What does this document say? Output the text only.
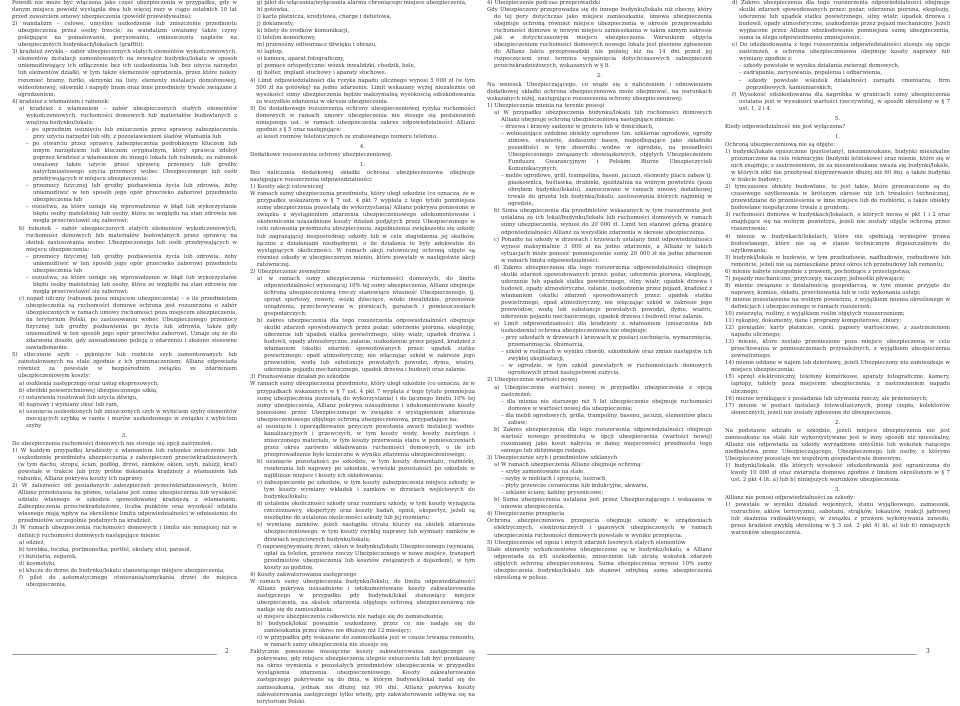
Powodi nie może być włączona jako część ubezpieczenia w przypadku, gdy w danym miejscu powódź wystąpiła dwa lub więcej razy w ciągu ostatnich 10 lat przed zawarciem umowy ubezpieczenia (powódź przewidywalna);

2) wandalizm – celowe, umyślne uszkodzenie lub zniszczenie przedmiotu ubezpieczenia przez osoby trzecie; za wandalizm uważamy także czyny polegające na pomalowaniu, porysowaniu, umieszczeniu napisów na ubezpieczonych budynkach/lokalach (graffiti);

3) kradzież zwykła – zabór ubezpieczonych stałych elementów wykończeniowych, elementów instalacji zamontowanych na zewnątrz budynku/lokalu w sposób uniemożliwiający ich odłączenie bez ich uszkodzenia lub bez użycia narzędzi lub elementów działki, w tym także elementów ogrodzenia, przez które należy rozumieć bramy, furtki, skrzynki na listy, elementy instalacji domofonowej, wideofonowej, siłowniki i napędy bram oraz inne przedmioty trwale związane z ogrodzeniem;

4) kradzież z włamaniem i rabunek:

a) kradzież z włamaniem – zabór ubezpieczonych stałych elementów wykończeniowych, ruchomości domowych lub materiałów budowlanych z wnętrza budynku/lokalu:

– po uprzednim usunięciu lub zniszczeniu przez sprawcę zabezpieczenia przy użyciu narzędzi lub siły, z pozostawieniem śladów włamania lub

– po otwarciu przez sprawcę zabezpieczenia podrobionym kluczem lub innym narzędziem lub kluczem oryginalnym, który sprawca zdobył poprzez kradzież z włamaniem do innego lokalu lub rabunek; za rabunek uważamy także użycie przez sprawcę przemocy lub groźby natychmiastowego użycia przemocy wobec Ubezpieczonego lub osób przebywających w miejscu ubezpieczenia:

– przemocy fizycznej lub groźby pozbawienia życia lub zdrowia, żeby uniemożliwić w ten sposób jego opór przeciwko zaborowi przedmiotu ubezpieczenia lub

– oszustwa, za które uznaje się wprowadzenie w błąd lub wykorzystanie błędu osoby małoletniej lub osoby, która ze względu na stan zdrowia nie mogła przeciwstawić się zaborowi;

b) rabunek – zabór ubezpieczonych stałych elementów wykończeniowych, ruchomości domowych lub materiałów budowlanych przez sprawcę na skutek zastosowania wobec Ubezpieczonego lub osób przebywających w miejscu ubezpieczenia:

– przemocy fizycznej lub groźby pozbawienia życia lub zdrowia, żeby uniemożliwić w ten sposób jego opór przeciwko zaborowi przedmiotu ubezpieczenia lub

– oszustwa, za które uznaje się wprowadzenie w błąd lub wykorzystanie błędu osoby małoletniej lub osoby, która ze względu na stan zdrowia nie mogła przeciwstawić się zaborowi;

c) napad uliczny (rabunek poza miejscem ubezpieczenia) – o ile przedmiotem ubezpieczenia są ruchomości domowe ochrona jest rozszerzona o zabór ubezpieczonych w ramach umowy ruchomości poza miejscem ubezpieczenia, na terytorium Polski, po zastosowaniu wobec Ubezpieczonego przemocy fizycznej lub groźby pozbawienia go życia lub zdrowia, także gdy uniemożliwił w ten sposób jego opór przeciwko zaborowi. Uznaje się że do zdarzenia doszło, gdy zawiadomiono policję o zdarzeniu i złożono stosowne zawiadomienie.

5) stłuczenie szyb – pęknięcie lub rozbicie szyb zamontowanych lub zainstalowanych na stałe zgodnie z ich przeznaczeniem; Allianz odpowiada również za powstałe w bezpośrednim związku ze zdarzeniem ubezpieczeniowym koszty:

a) oszklenia zastępczego oraz usług ekspresowych,

b) obróbki powierzchniowej ubezpieczonego szkła,

c) ustawienia rusztowań lub użycia dźwigu,

d) naprawy i wymiany okuć lub ram,

e) usunięcia uszkodzonych lub zniszczonych szyb w wybiciem szyby elementów mocujących szybkę w ramie i murów uszkodzonego w związku z wybiciem szyby.

3.

Do ubezpieczenia ruchomości domowych nie stosuje się opcji zastrzeżeń.

1) W każdym przypadku kradzieży z włamaniem lub rabunku zniszczenie lub uszkodzenie przedmiotu ubezpieczenia z zabezpieczeń przeciwkradzieżowych (w tym dachu, stropu, ścian, podłóg, drzwi, zamków, okien, szyb, żaluzji, krat) powstałe w trakcie lub przy próbie dokonania kradzieży z włamaniem lub rabunku, Allianz pokrywa koszty ich naprawy.

2) W zależności od posiadanych zabezpieczeń przeciwkradzieżowych, które Allianz przedstawia na piśmie, ustalana jest suma ubezpieczenia lub wysokość udziału własnego w szkodzie spowodowanej kradzieżą z włamaniem. Zabezpieczenia przeciwkradzieżowe, liczba punktów oraz wysokość udziału własnego mają wpływ na określenie limitu odpowiedzialności w odniesieniu do przedmiotów szczególnie podatnych na kradzież.

3) W ramach ubezpieczenia ruchomości domowych i limitu nie mniejszej niż w definicji ruchomości domowych następujące mienie:

a) odzież,

b) torebka, teczka, portmonetka, portfel, okulary, etui, parasol,

c) biżuteria, zegarek,

d) kosmetyki,

e) klucze do drzwi do budynku/lokalu stanowiącego miejsce ubezpieczenia,

f) pilot do automatycznego otwierania/zamykania drzwi do miejsca ubezpieczenia,

g) pilot do włączania/wyłączania alarmu chroniącego miejsce ubezpieczenia,

h) gotówka,

i) karta płatnicza, kredytowa, charge i debetowa,

j) dokumenty,

k) bilety do środków komunikacji,

l) telefon komórkowy,

m) przenośny odtwarzacz dźwięku i obrazu,

n) laptop,

o) kamera, aparat fotograficzny,

p) pomoce ortopedyczne: wózek inwalidzki, chodzik, kule,

q) holter, implant słuchowy i aparaty słuchowe.

4) Limit odpowiedzialności dla ryzyka napadu ulicznego wynosi 5 000 zł (w tym 500 zł na gotówkę) na jedno zdarzenie. Limit wskazany wyżej niezależnie od wysokości sumy ubezpieczenia będzie maksymalną wysokością odszkodowania za wszystkie zdarzenia w okresie ubezpieczenia.

5) Do dodatkowego rozszerzenia ochrony ubezpieczeniowej ryzyka ruchomości domowych w ramach umowy ubezpieczenia nie stosuje się postanowień niniejszego ust. w ramach ubezpieczenia zakres odpowiedzialności Allianz zgodnie z § 5 oraz następujące:

a) koszt rozmów telefonicznych ze zrabowanego numeru telefonu.

4.

Dodatkowe rozszerzenia ochrony ubezpieczeniowej.

1.

Bez naliczania dodatkowej składki ochrona ubezpieczeniowa obejmuje następujące rozszerzenia odpowiedzialności:

1) Koszty akcji ratowniczej

W ramach sumy ubezpieczenia przedmiotu, który uległ szkodzie (co oznacza, że w przypadku wskazanym w § 7 ust. 4 pkt 7 wypłata z tego tytułu pomniejsza sumę ubezpieczenia pozostałą do wykorzystania) Allianz pokrywa poniesione w związku z wystąpieniem zdarzenia ubezpieczeniowego udokumentowane i ekonomicznie uzasadnione koszty działań podjętych przez Ubezpieczonego w celu ratowania przedmiotu ubezpieczenia, zapobieżenia zwiększeniu się szkody lub zagrażającej bezpośredniej szkody lub w celu złagodzenia jej skutków, łącznie z działaniami niezbędnymi, o ile działania te były adekwatne do wystąpiących okoliczności. W ramach akcji ratowniczej ochroną objęte są również szkody w ubezpieczonym mieniu, które powstały w następstwie akcji ratowniczej.

2) Ubezpieczenie zewnętrzne

a) w ramach sumy ubezpieczenia ruchomości domowych, do limitu odpowiedzialności wynoszącej 10% tej sumy ubezpieczenia, Allianz obejmuje ochroną ubezpieczeniową rzeczy stanowiące własność Ubezpieczonego, tj. sprzęt sportowy, rowery, wózki dziecięce, wózki inwalidzkie, przenośnie urządzenia, przechowywane w piwnicach, garażach i pomieszczeniach gospodarczych;

b) zakres ubezpieczenia dla tego rozszerzenia odpowiedzialności obejmuje skutki zdarzeń spowodowanych przez pożar, uderzenie pioruna, eksplozję, uderzenie lub upadek statku powietrznego, silny wiatr, upadek drzewa i budowli, opady atmosferyczne, zalanie, uszkodzenie przez pojazd, kradzież z włamaniem (skutki zdarzeń spowodowanych przez: upadek statku powietrznego, opad atmosferyczny, nie włączając szkód w zakresie jego przewodów, wodę lub substancje powstałych powodzi, dymu, wiatru, uderzenie pojazdu mechanicznego, upadek drzewa i budowli oraz zalanie.

3) Finansowanie działań po szkodzie

W ramach sumy ubezpieczenia przedmiotu, który uległ szkodzie (co oznacza, że w przypadkach wskazanych w § 7 ust. 4 pkt 7 wypłata z tego tytułu pomniejsza sumę ubezpieczenia pozostałą do wykorzystania) i do łącznego limitu 10% tej sumy ubezpieczenia, Allianz pokrywa uzasadnione i udokumentowane koszty poniesione przez Ubezpieczonego w związku z wystąpieniem zdarzenia ubezpieczeniowego objętego ochroną ubezpieczeniową, przypadające na:

a) usunięcie i uporządkowanie przyczyn powstania awarii instalacji wodno-kanalizacyjnych i grzewczych, w tym koszty wody, koszty zużytego i zniszczonego materiału, w tym koszty przerwania stanu w pomieszczeniach przez okres zarówno składowania ruchomości domowych, o ile ich przeprowadzenie było konieczne w wyniku zdarzenia ubezpieczeniowego;

b) usunięcie pozostałości po szkodzie, w tym koszty demontażu, rozbiórki, rozebrania lub naprawy po szkodzie, wywózki pozostałości po szkodzie w najbliższe miejsce i koszty ich składowania;

c) zabezpieczenie po szkodzie, w tym koszty zabezpieczenia miejsca szkody, w tym koszty wymiany wkładek i zamków w drzwiach wejściowych do budynku/lokalu;

d) ustalenie okoliczności szkody oraz rozmiaru szkody, w tym koszty wynajęcia rzeczoznawcy, ekspertyzy oraz koszty badań, opinii, ekspertyz, jeżeli są niezbędne do ustalenia okoliczności szkody lub jej rozmiaru;

e) wymianę zamków, jeżeli nastąpiła utrata kluczy na skutek zdarzenia ubezpieczeniowego, w tym koszty zwykłej naprawy lub wymiany zamków w drzwiach wejściowych budynku/lokalu;

f) naprawę/wymianę drzwi, okien w budynku/lokalu Ubezpieczonego (wymiana, opłat za telefon, przewóz rzeczy Ubezpieczonego w nowe miejsce, transport przedmiotów ubezpieczenia lub kosztów związanych z dojazdem), w tym koszty za godzinę.

4) Koszty zakwaterowania zastępczego

W ramach sumy ubezpieczenia budynku/lokalu, do limitu odpowiedzialności Allianz pokrywa uzasadnione i udokumentowane koszty zakwaterowania zastępczego w przypadku gdy budynek/lokal stanowiący miejsce ubezpieczenia, na skutek zdarzenia objętego ochroną ubezpieczeniową nie nadaje się do zamieszkania:

a) miejsce ubezpieczenia całkowicie nie nadaje się do zamieszkania;

b) budynek/lokal poważnie uszkodzony, przez co nie nadaje się do zamieszkania przez okres nie dłuższy niż 12 miesięcy;

c) w przypadku gdy wskazane do zamieszkania jest w czasie trwania remontu, w ramach sumy ubezpieczenia nie stosuje się

Faktycznie ponoszone miesięczne koszty zakwaterowania zastępczego są pokrywane, gdy miejsce ubezpieczenia ulegnie zniszczeniu lub być przekazany na okres wymienia z pozostałych przedmiotów ubezpieczenia w przypadku wystąpienia zdarzenia ubezpieczeniowego. Koszty zakwaterowania zastępczego pokrywane są do dnia, w którym budynek/lokal nadał się do zamieszkania, jednak nie dłużej niż 90 dni. Allianz pokrywa koszty zakwaterowania zastępczego tylko wtedy, gdy zakwaterowanie odbywa się na terytorium Polski.

4) Ubezpieczenie podczas przeprowadzki

Gdy Ubezpieczony przeprowadza się do innego budynku/lokalu niż obecny, który do tej pory dotychczas jako miejsce zamieszkania, umowa ubezpieczenia obejmuje ochroną również miejsce ubezpieczenia w okresie przeprowadzki ruchomości domowe w nowym miejscu zamieszkania w takim samym zakresie jak w dotychczasowym miejscu ubezpieczenia. Warunkiem objęcia ubezpieczeniem ruchomości domowych nowego lokalu jest pisemne zgłoszenie do Allianz faktu przeprowadzki nie później niż na 14 dni przed jej rozpoczęciem oraz terminu wygaśnięcia dotychczasowych zabezpieczeń przeciwkradzieżowych, wskazanych w § 8.

2.

Na wniosek Ubezpieczającego, co wiąże się z naliczeniem i odnowieniem dodatkowej składki ochrona ubezpieczeniowa może obejmować, na warunkach wskazanych niżej, następujące rozszerzenia ochrony ubezpieczeniowej:

1) Ubezpieczenie mienia na terenie posesji

a) W przypadku ubezpieczenia budynku/lokalu lub ruchomości domowych Allianz obejmuje ochroną ubezpieczeniową następujące mienie:

– drzewa i krzewy sadzone w gruncie lub w doniczkach,

– wolnostojące ozdobne obiekty ogrodowe tzn. szklarnie ogrodowe, ogrody zimowe, oranżerie, zadaszony basen, niepodlegające jako składniki posiadłości w tym zbiorniki wodne w ogrodzie, na posiadłości Ubezpieczonego związanych obowiązkowych, objętych Ubezpieczeniem Funduszu Gwarancyjnym i Polskim Biurze Ubezpieczycieli Komunikacyjnych,

– meble ogrodowe, grill, trampolina, basen, jacuzzi, elementy placu zabaw tj. piaskownica, huśtawka, drabinki, zjeżdżalnia na wolnym powietrzu (poza obrębem budynku/lokalu), zamocowane w ramach umowy dodatkowej trwale do gruntu lub budynku/lokalu, zastosowania których najmniej w ogrodzie,

b) Suma ubezpieczenia dla przedmiotów wskazanych w tym rozszerzeniu jest ustalana za ich lokal/budynku/lokalu lub ruchomości domowych w ramach sumy ubezpieczenia, wynosi do 20 000 zł. Limit ten stanowi górną granicę odpowiedzialności Allianz za wszystkie zdarzenia w okresie ubezpieczenia.

c) Ponadto na szkody w drzewach i krzewach ustalany limit odpowiedzialności wynosi maksymalnie 3 000 zł na jedno zdarzenie, a Allianz w takich sytuacjach może ponosić pomniejszenie sumy 20 000 zł na jedno zdarzenie w ramach limitu odpowiedzialności.

d) Zakres ubezpieczenia dla tego rozszerzenia odpowiedzialności obejmuje skutki zdarzeń spowodowanych przez: pożar, uderzenie pioruna, eksplozję, uderzenie lub upadek statku powietrznego, silny wiatr, upadek drzewa i budowli, opady atmosferyczne, zalanie, uszkodzenie przez pojazd, kradzież z włamaniem (skutki zdarzeń spowodowanych przez: upadek statku powietrznego, opad atmosferyczny, nie włączając szkód w zakresie jego przewodów, wodę lub substancje powstałych powodzi, dymu, wiatru, uderzenie pojazdu mechanicznego, upadek drzewa i budowli oraz zalanie.

e) Limit odpowiedzialności dla kradzieży z włamaniem (zniszczenia lub uszkodzenia) ochrona ubezpieczeniowa nie obejmuje:

– przy szkodach w drzewach i krzewach w postaci uschnięcia, wymarznięcia, przemarznięcia, obumarcia,

– szkód w roślinach w wyniku chorób, szkodników oraz zmian następstw ich zwykłej eksploatacji,

– w ogrodzie, w tym szkód powstałych w ruchomościach domowych ogrodowych przed następstwem zużycia.

2) Ubezpieczenie wartości nowej

a) Ubezpieczenie wartości nowej w przypadku ubezpieczenia z opcją zastrzeżeń:

– dla mienia nie starszego niż 5 lat ubezpieczenie obejmuje ruchomości domowe w wartości nowej dla ubezpieczenia;

– dla mebli ogrodowych, grilla, trampoliny, basenu, jacuzzi, elementów placu zabaw;

b) Zakres ubezpieczenia dla tego rozszerzenia odpowiedzialności obejmuje wartość nowego przedmiotu w opcji ubezpieczenia (wartości nowej) rozumianej jako koszt nabycia w danej miejscowości przedmiotu tego samego lub zbliżonego rodzaju.

3) Ubezpieczenie szyb i przedmiotów szklanych

a) W ramach ubezpieczenia Allianz obejmuje ochroną:

– szyby zamontowane na stałe,

– szyby w meblach i sprzęcie, lustrach,

– płyty grzewcze ceramiczne lub indukcyjne, akwaria,

– szklane ściany, kabiny prysznicowe;

b) Suma ubezpieczenia ustalana jest przez Ubezpieczającego i wskazana w umowie ubezpieczenia.

4) Ubezpieczenie przepięcia

Ochrona ubezpieczeniowa przepięcia obejmuje szkody w urządzeniach elektrycznych, elektronicznych i gazowych ubezpieczonych w ramach ubezpieczenia ruchomości domowych powstałe w wyniku przepięcia.

5) Ubezpieczenie od ognia i innych zdarzeń losowych stałych elementów

Stałe elementy wykończeniowe ubezpieczone są w budynku/lokalu, a Allianz odpowiada za ich uszkodzenie, zniszczenie lub utratę wskutek zdarzeń objętych ochroną ubezpieczeniową. Suma ubezpieczenia wynosi 10% sumy ubezpieczenia budynku/lokalu lub stanowi odrębną sumę ubezpieczenia określoną w polisie.

d) Zakres ubezpieczenia dla tego rozszerzenia odpowiedzialności obejmuje skutki zdarzeń spowodowanych przez: pożar, uderzenie pioruna, eksplozję, uderzenie lub upadek statku powietrznego, silny wiatr, upadek drzewa i budowli, opady atmosferyczne, uszkodzenie przez pojazd mechaniczny. Jeżeli wypłacone przez Allianz odszkodowanie pomniejsza sumę ubezpieczenia, suma ta ulega odpowiedniemu zmniejszeniu.

e) Do odszkodowania z tego rozszerzenia odpowiedzialności stosuje się opcje zastrzeżeń, a ochrona ubezpieczeniowa obejmuje koszty naprawy lub wymiany zgodnie z:

– szkody powstałe w wyniku działania zwierząt domowych,

– zadrapania, zarysowania, popalenia i odbarwienia,

– szkody powstałe wskutek działalności zarządu cmentarza, firm pogrzebowych, kamieniarskich;

f) Wysokość odszkodowania dla nagrobka w granicach sumy ubezpieczenia ustalana jest w wysokości wartości rzeczywistej, w sposób określony w § 7 ust. 1, 2 i 4.

5.

Kiedy odpowiedzialność nie jest wyłączona?

1.

Ochroną ubezpieczeniową nie są objęte:

1) budynki/lokale opuszczone (pustostany), niezamieszkane, budynki mieszkalne przeznaczone na cele rekreacyjne (budynki letniskowe) oraz mienie, które się w nich znajduje, z zastrzeżeniem, że za niezamieszkane uważa się budynki/lokale, w których nikt nie przebywał nieprzerwanie dłużej niż 60 dni, a także budynki w trakcie budowy;

2) tymczasowe obiekty budowlane, to jest takie, które przeznaczone są do czasowego użytkowania w krótszym okresie niż ich trwałości technicznej, przewidziane do przeniesienia w inne miejsce lub do rozbiórki, a także obiekty budowlane niepołączone trwale z gruntem;

3) ruchomości domowe w budynkach/lokalach, o których mowa w pkt 1 i 2 oraz znajdujące się na wolnym powietrzu, jeżeli nie zostały objęte ochroną przez rozszerzenie;

4) mienie w budynkach/lokalach, które nie spełniają wymogów prawa budowlanego, które nie są w stanie technicznym dopuszczalnym do użytkowania;

5) budynki/lokale w budowie, w tym przebudowie, nadbudowie, rozbudowie lub remoncie, jeżeli nie są zamieszkane przez okres ich przebudowy lub remontu;

6) mienie nabyte niezgodnie z prawem, pochodzące z przestępstwa;

7) pojazdy mechaniczne, przyczepy, naczepy, jednostki pływające;

8) mienie związane z działalnością gospodarczą, w tym mienie przyjęte do naprawy, komisu, składu, przechowania lub w celu wykonania usługi;

9) mienie pozostawione na wolnym powietrzu, z wyjątkiem mienia określonego w definicjach i ubezpieczonego w ramach rozszerzeń;

10) zwierzęta, rośliny, z wyjątkiem roślin objętych rozszerzeniem;

11) rękopisy, dokumenty, dane i programy komputerowe, zbiory;

12) pieniądze, karty płatnicze, czeki, papiery wartościowe, z zastrzeżeniem napadu ulicznego;

13) mienie, które zostało przeniesione poza miejsce ubezpieczenia w celu przechowania w pomieszczeniach przynależnych, z wyjątkiem ubezpieczenia zewnętrznego;

14) mienie oddane w najem lub dzierżawę, jeżeli Ubezpieczony nie zamieszkuje w miejscu ubezpieczenia;

15) sprzęt elektroniczny, telefony komórkowe, aparaty fotograficzne, kamery, laptopy, tablety poza miejscem ubezpieczenia, z zastrzeżeniem napadu ulicznego;

16) mienie wynikające z posiadania lub używania rzeczy, ale przenośnych;

17) mienie w postaci instalacji fotowoltaicznych, pomp ciepła, kolektorów słonecznych, jeżeli nie zostały zgłoszone do ubezpieczenia.

2.

Na podstawie udziału w szkodzie, jeżeli miejsce ubezpieczenia nie jest zamieszkane na stałe lub wykorzystywane jest w inny sposób niż mieszkalny, Allianz nie odpowiada za szkody wyrządzone umyślnie lub wskutek rażącego niedbalstwa przez Ubezpieczającego, Ubezpieczonego lub osoby, z którymi Ubezpieczony pozostaje we wspólnym gospodarstwie domowym.

1) budynki/lokale, dla których wysokość odszkodowania jest ograniczona do kwoty 10 000 zł oraz zwierzęta domowe zgodnie z limitem określonym w § 7 ust. 2 pkt 4 lit. a) lub b) niniejszych warunków ubezpieczenia.

3.

Allianz nie ponosi odpowiedzialności za szkody:

1) powstałe w wyniku działań wojennych, stanu wyjątkowego, zamieszek, rozruchów, aktów terroryzmu, sabotażu, strajków, lokautów, reakcji jądrowej lub skażenia radioaktywnego, w związku z prawem wykonywania zawodu, przez kradzież zwykłą określoną w § 3 ust. 2 pkt 4) lit. a) lub b) niniejszych warunków ubezpieczenia.

2	3
